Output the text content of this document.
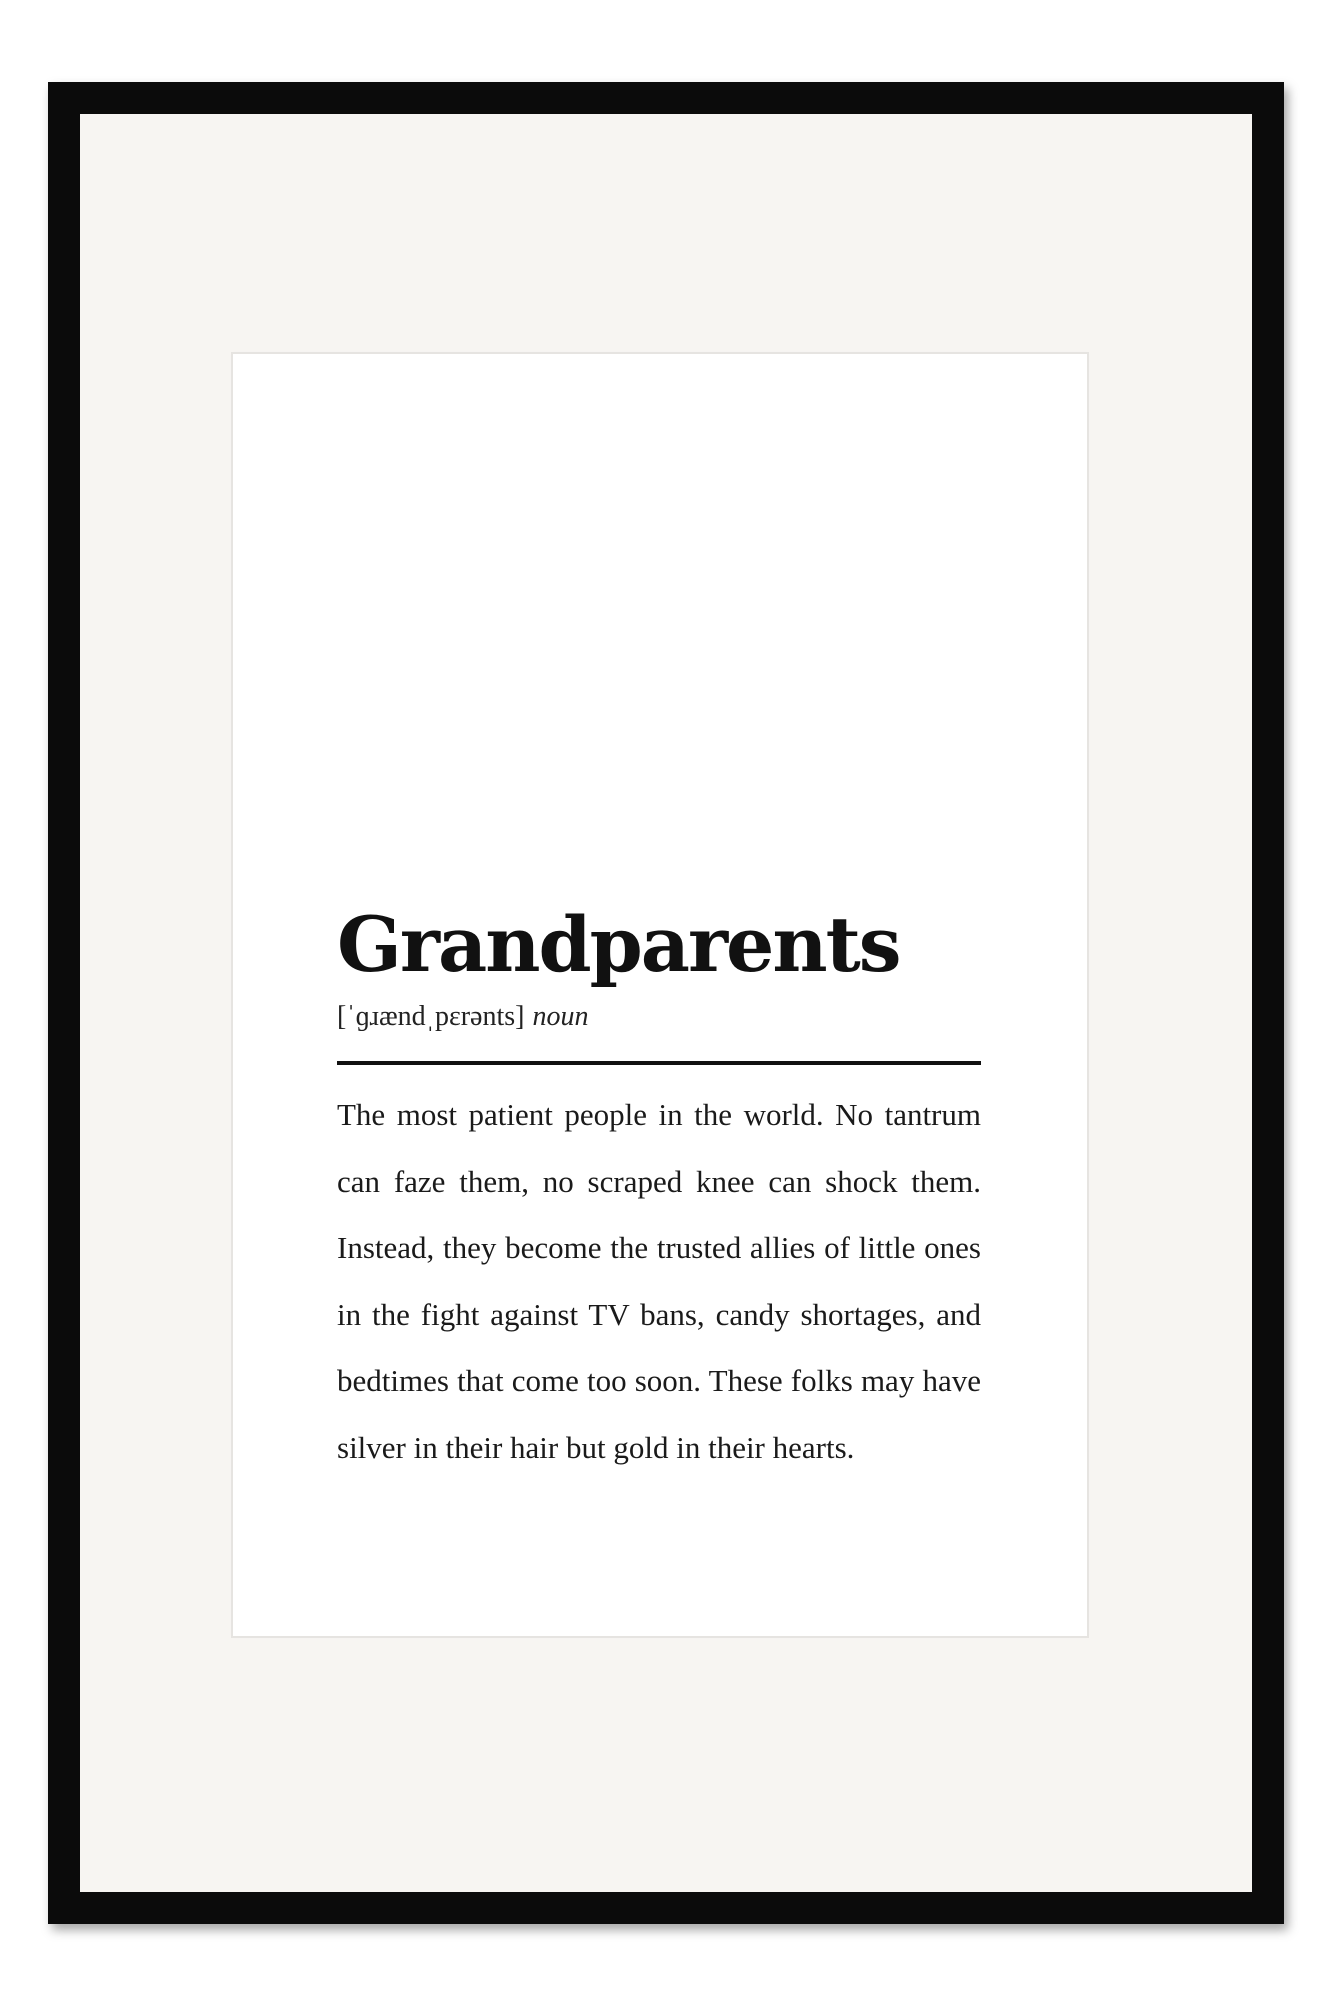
Grandparents
[ˈɡɹændˌpɛrənts] noun
The most patient people in the world. No tantrum can faze them, no scraped knee can shock them. Instead, they become the trusted allies of little ones in the fight against TV bans, candy shortages, and bedtimes that come too soon. These folks may have silver in their hair but gold in their hearts.
